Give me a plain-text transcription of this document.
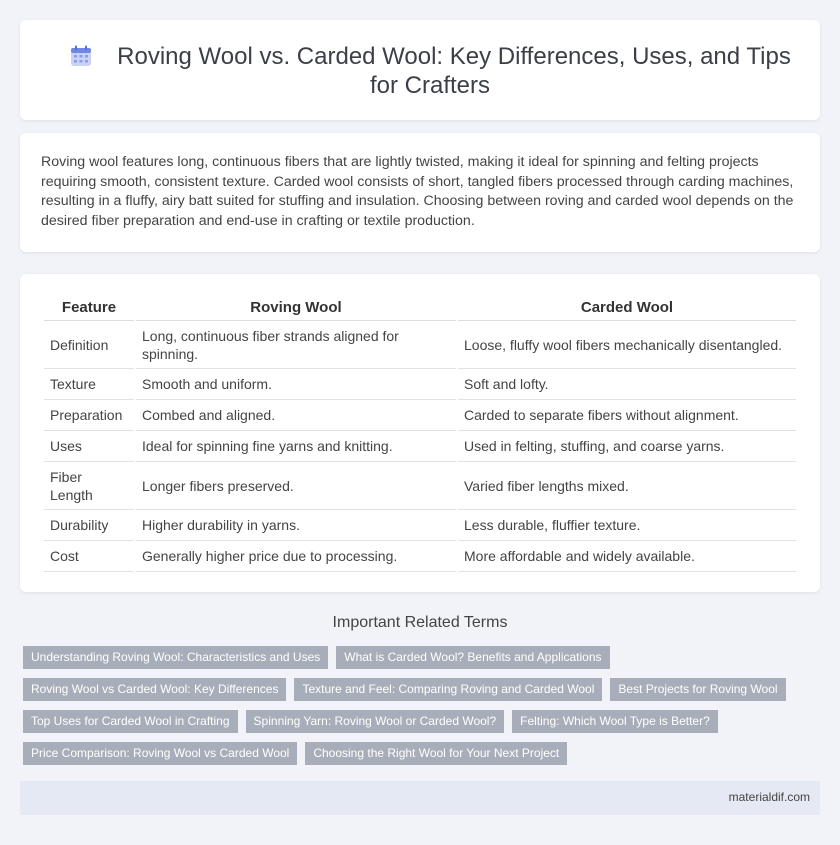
Roving Wool vs. Carded Wool: Key Differences, Uses, and Tips for Crafters

Roving wool features long, continuous fibers that are lightly twisted, making it ideal for spinning and felting projects requiring smooth, consistent texture. Carded wool consists of short, tangled fibers processed through carding machines, resulting in a fluffy, airy batt suited for stuffing and insulation. Choosing between roving and carded wool depends on the desired fiber preparation and end-use in crafting or textile production.

Feature	Roving Wool	Carded Wool
Definition	Long, continuous fiber strands aligned for spinning.	Loose, fluffy wool fibers mechanically disentangled.
Texture	Smooth and uniform.	Soft and lofty.
Preparation	Combed and aligned.	Carded to separate fibers without alignment.
Uses	Ideal for spinning fine yarns and knitting.	Used in felting, stuffing, and coarse yarns.
Fiber Length	Longer fibers preserved.	Varied fiber lengths mixed.
Durability	Higher durability in yarns.	Less durable, fluffier texture.
Cost	Generally higher price due to processing.	More affordable and widely available.
Important Related Terms
Understanding Roving Wool: Characteristics and Uses	What is Carded Wool? Benefits and Applications
Roving Wool vs Carded Wool: Key Differences	Texture and Feel: Comparing Roving and Carded Wool	Best Projects for Roving Wool
Top Uses for Carded Wool in Crafting	Spinning Yarn: Roving Wool or Carded Wool?	Felting: Which Wool Type is Better?
Price Comparison: Roving Wool vs Carded Wool	Choosing the Right Wool for Your Next Project
materialdif.com
